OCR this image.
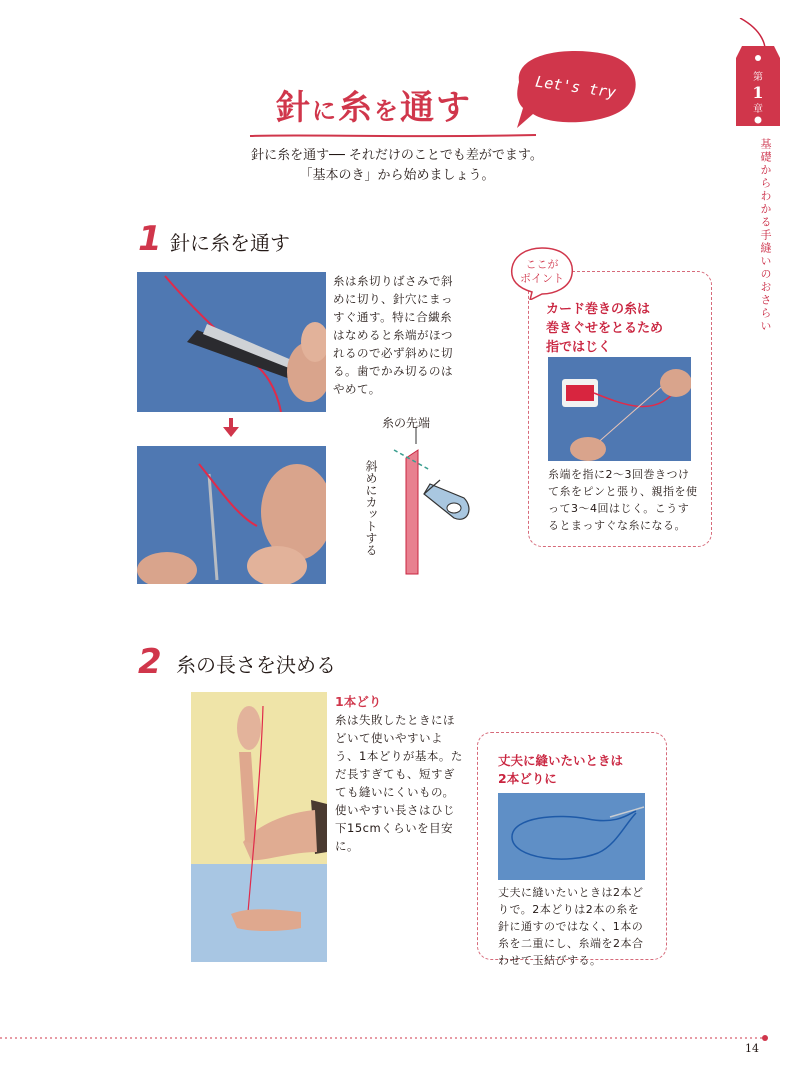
第
1
章
基礎からわかる手縫いのおさらい
針に糸を通す
Let's try
針に糸を通す── それだけのことでも差がでます。
「基本のき」から始めましょう。
1 針に糸を通す
糸は糸切りばさみで斜めに切り、針穴にまっすぐ通す。特に合繊糸はなめると糸端がほつれるので必ず斜めに切る。歯でかみ切るのはやめて。
糸の先端
斜めにカットする
ここが
ポイント
カード巻きの糸は
巻きぐせをとるため
指ではじく
糸端を指に2～3回巻きつけて糸をピンと張り、親指を使って3～4回はじく。こうするとまっすぐな糸になる。
2 糸の長さを決める
1本どり
糸は失敗したときにほどいて使いやすいよう、1本どりが基本。ただ長すぎても、短すぎても縫いにくいもの。使いやすい長さはひじ下15cmくらいを目安に。
丈夫に縫いたいときは
2本どりに
丈夫に縫いたいときは2本どりで。2本どりは2本の糸を針に通すのではなく、1本の糸を二重にし、糸端を2本合わせて玉結びする。
14
